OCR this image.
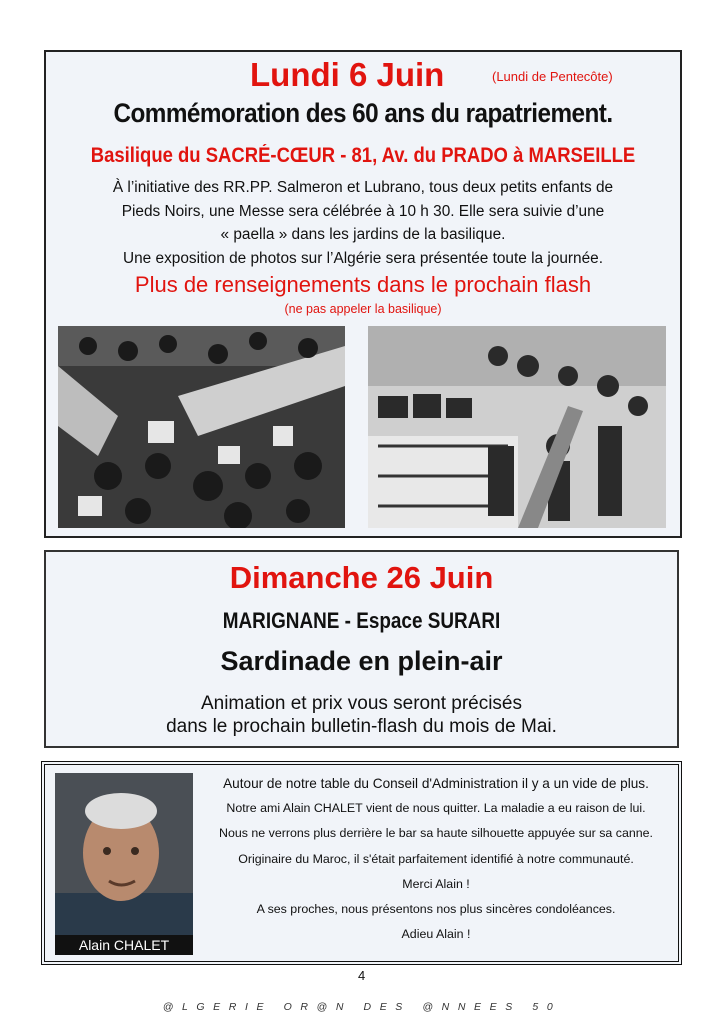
Lundi 6 Juin	(Lundi de Pentecôte)
Commémoration des 60 ans du rapatriement.
Basilique du SACRÉ-CŒUR - 81, Av. du PRADO à MARSEILLE
À l’initiative des RR.PP. Salmeron et Lubrano, tous deux petits enfants de
Pieds Noirs, une Messe sera célébrée à 10 h 30. Elle sera suivie d’une
« paella » dans les jardins de la basilique.
Une exposition de photos sur l’Algérie sera présentée toute la journée.
Plus de renseignements dans le prochain flash
(ne pas appeler la basilique)
Dimanche 26 Juin
MARIGNANE - Espace SURARI
Sardinade en plein-air
Animation et prix vous seront précisés
dans le prochain bulletin-flash du mois de Mai.
Alain CHALET
Autour de notre table du Conseil d'Administration il y a un vide de plus.
Notre ami Alain CHALET vient de nous quitter. La maladie a eu raison de lui.
Nous ne verrons plus derrière le bar sa haute silhouette appuyée sur sa canne.
Originaire du Maroc, il s'était parfaitement identifié à notre communauté.
Merci Alain !
A ses proches, nous présentons nos plus sincères condoléances.
Adieu Alain !
4
@LGERIE OR@N DES @NNEES 50
